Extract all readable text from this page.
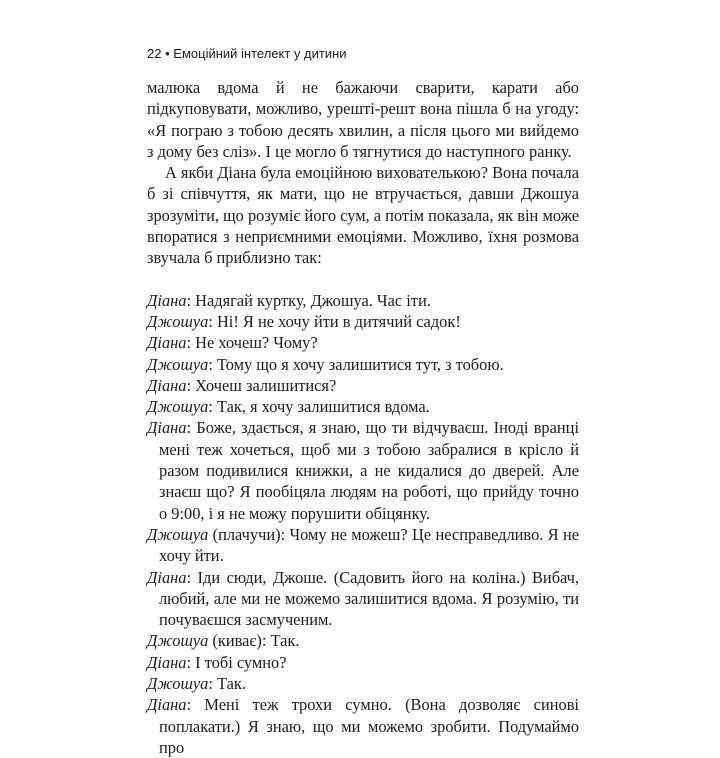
22 • Емоційний інтелект у дитини

малюка вдома й не бажаючи сварити, карати або підкуповувати, можливо, урешті-решт вона пішла б на угоду: «Я пограю з тобою десять хвилин, а після цього ми вийдемо з дому без сліз». І це могло б тягнутися до наступного ранку.

А якби Діана була емоційною вихователькою? Вона почала б зі співчуття, як мати, що не втручається, давши Джошуа зрозуміти, що розуміє його сум, а потім показала, як він може впоратися з неприємними емоціями. Можливо, їхня розмова звучала б приблизно так:

Діана: Надягай куртку, Джошуа. Час іти.

Джошуа: Ні! Я не хочу йти в дитячий садок!

Діана: Не хочеш? Чому?

Джошуа: Тому що я хочу залишитися тут, з тобою.

Діана: Хочеш залишитися?

Джошуа: Так, я хочу залишитися вдома.

Діана: Боже, здається, я знаю, що ти відчуваєш. Іноді вранці мені теж хочеться, щоб ми з тобою забралися в крісло й разом подивилися книжки, а не кидалися до дверей. Але знаєш що? Я пообіцяла людям на роботі, що прийду точно о 9:00, і я не можу порушити обіцянку.

Джошуа (плачучи): Чому не можеш? Це несправедливо. Я не хочу йти.

Діана: Іди сюди, Джоше. (Садовить його на коліна.) Вибач, любий, але ми не можемо залишитися вдома. Я розумію, ти почуваєшся засмученим.

Джошуа (киває): Так.

Діана: І тобі сумно?

Джошуа: Так.

Діана: Мені теж трохи сумно. (Вона дозволяє синові поплакати.) Я знаю, що ми можемо зробити. Подумаймо про
